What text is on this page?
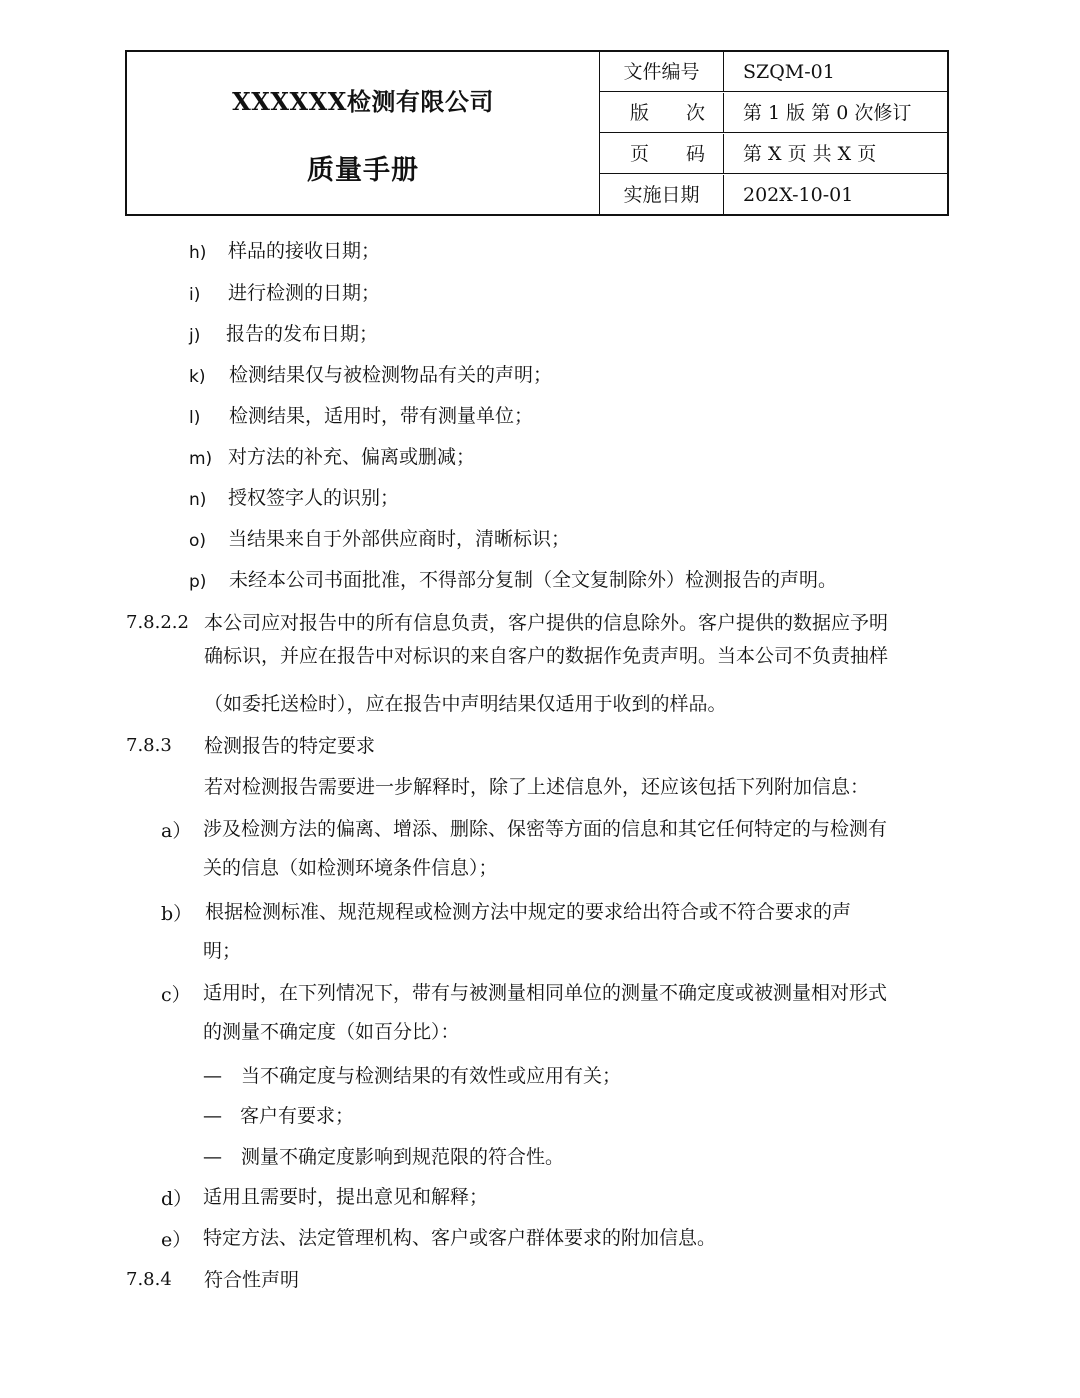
XXXXXX检测有限公司
质量手册
文件编号	SZQM-01
版　次	第 1 版 第 0 次修订
页　码	第 X 页 共 X 页
实施日期	202X-10-01
h) 样品的接收日期；
i) 进行检测的日期；
j) 报告的发布日期；
k) 检测结果仅与被检测物品有关的声明；
l) 检测结果，适用时，带有测量单位；
m) 对方法的补充、偏离或删减；
n) 授权签字人的识别；
o) 当结果来自于外部供应商时，清晰标识；
p) 未经本公司书面批准，不得部分复制（全文复制除外）检测报告的声明。
7.8.2.2 本公司应对报告中的所有信息负责，客户提供的信息除外。客户提供的数据应予明
确标识，并应在报告中对标识的来自客户的数据作免责声明。当本公司不负责抽样
（如委托送检时），应在报告中声明结果仅适用于收到的样品。
7.8.3 检测报告的特定要求
若对检测报告需要进一步解释时，除了上述信息外，还应该包括下列附加信息：
a） 涉及检测方法的偏离、增添、删除、保密等方面的信息和其它任何特定的与检测有
关的信息（如检测环境条件信息）；
b） 根据检测标准、规范规程或检测方法中规定的要求给出符合或不符合要求的声
明；
c） 适用时，在下列情况下，带有与被测量相同单位的测量不确定度或被测量相对形式
的测量不确定度（如百分比）：
— 当不确定度与检测结果的有效性或应用有关；
— 客户有要求；
— 测量不确定度影响到规范限的符合性。
d） 适用且需要时，提出意见和解释；
e） 特定方法、法定管理机构、客户或客户群体要求的附加信息。
7.8.4 符合性声明
